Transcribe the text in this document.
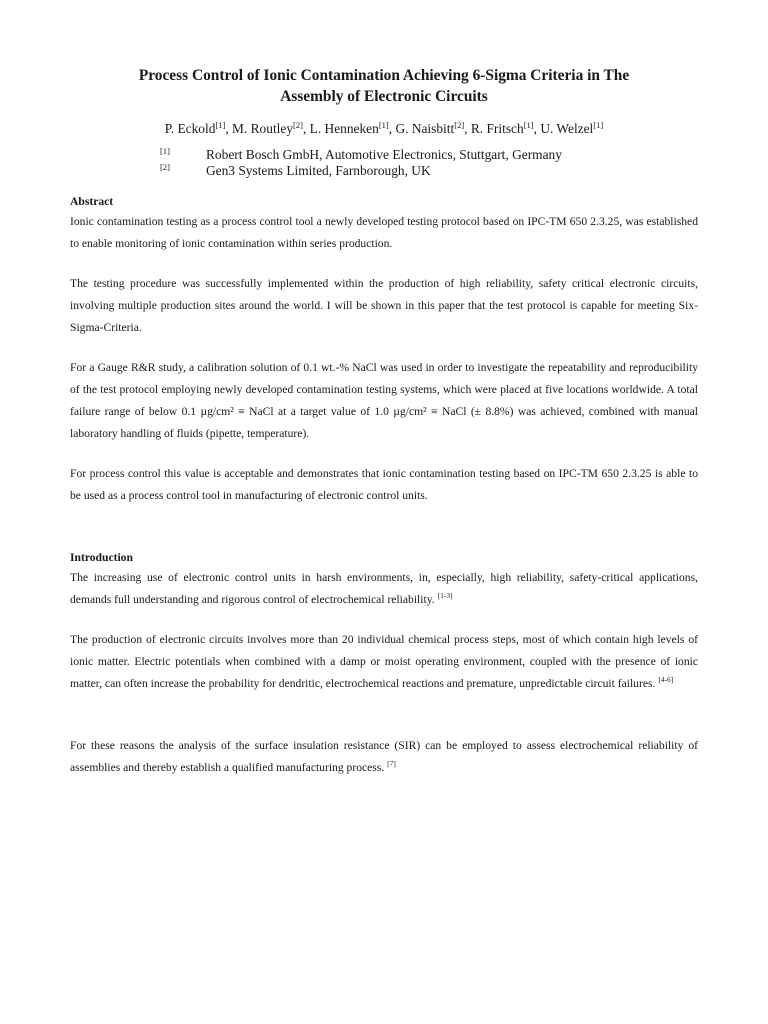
Process Control of Ionic Contamination Achieving 6-Sigma Criteria in The
Assembly of Electronic Circuits
P. Eckold[1], M. Routley[2], L. Henneken[1], G. Naisbitt[2], R. Fritsch[1], U. Welzel[1]
[1]	Robert Bosch GmbH, Automotive Electronics, Stuttgart, Germany
[2]	Gen3 Systems Limited, Farnborough, UK
Abstract
Ionic contamination testing as a process control tool a newly developed testing protocol based on IPC-TM 650 2.3.25, was established to enable monitoring of ionic contamination within series production.
The testing procedure was successfully implemented within the production of high reliability, safety critical electronic circuits, involving multiple production sites around the world. I will be shown in this paper that the test protocol is capable for meeting Six-Sigma-Criteria.
For a Gauge R&R study, a calibration solution of 0.1 wt.-% NaCl was used in order to investigate the repeatability and reproducibility of the test protocol employing newly developed contamination testing systems, which were placed at five locations worldwide. A total failure range of below 0.1 µg/cm² ≡ NaCl at a target value of 1.0 µg/cm² ≡ NaCl (± 8.8%) was achieved, combined with manual laboratory handling of fluids (pipette, temperature).
For process control this value is acceptable and demonstrates that ionic contamination testing based on IPC-TM 650 2.3.25 is able to be used as a process control tool in manufacturing of electronic control units.
Introduction
The increasing use of electronic control units in harsh environments, in, especially, high reliability, safety-critical applications, demands full understanding and rigorous control of electrochemical reliability. [1-3]
The production of electronic circuits involves more than 20 individual chemical process steps, most of which contain high levels of ionic matter. Electric potentials when combined with a damp or moist operating environment, coupled with the presence of ionic matter, can often increase the probability for dendritic, electrochemical reactions and premature, unpredictable circuit failures. [4-6]
For these reasons the analysis of the surface insulation resistance (SIR) can be employed to assess electrochemical reliability of assemblies and thereby establish a qualified manufacturing process. [7]
